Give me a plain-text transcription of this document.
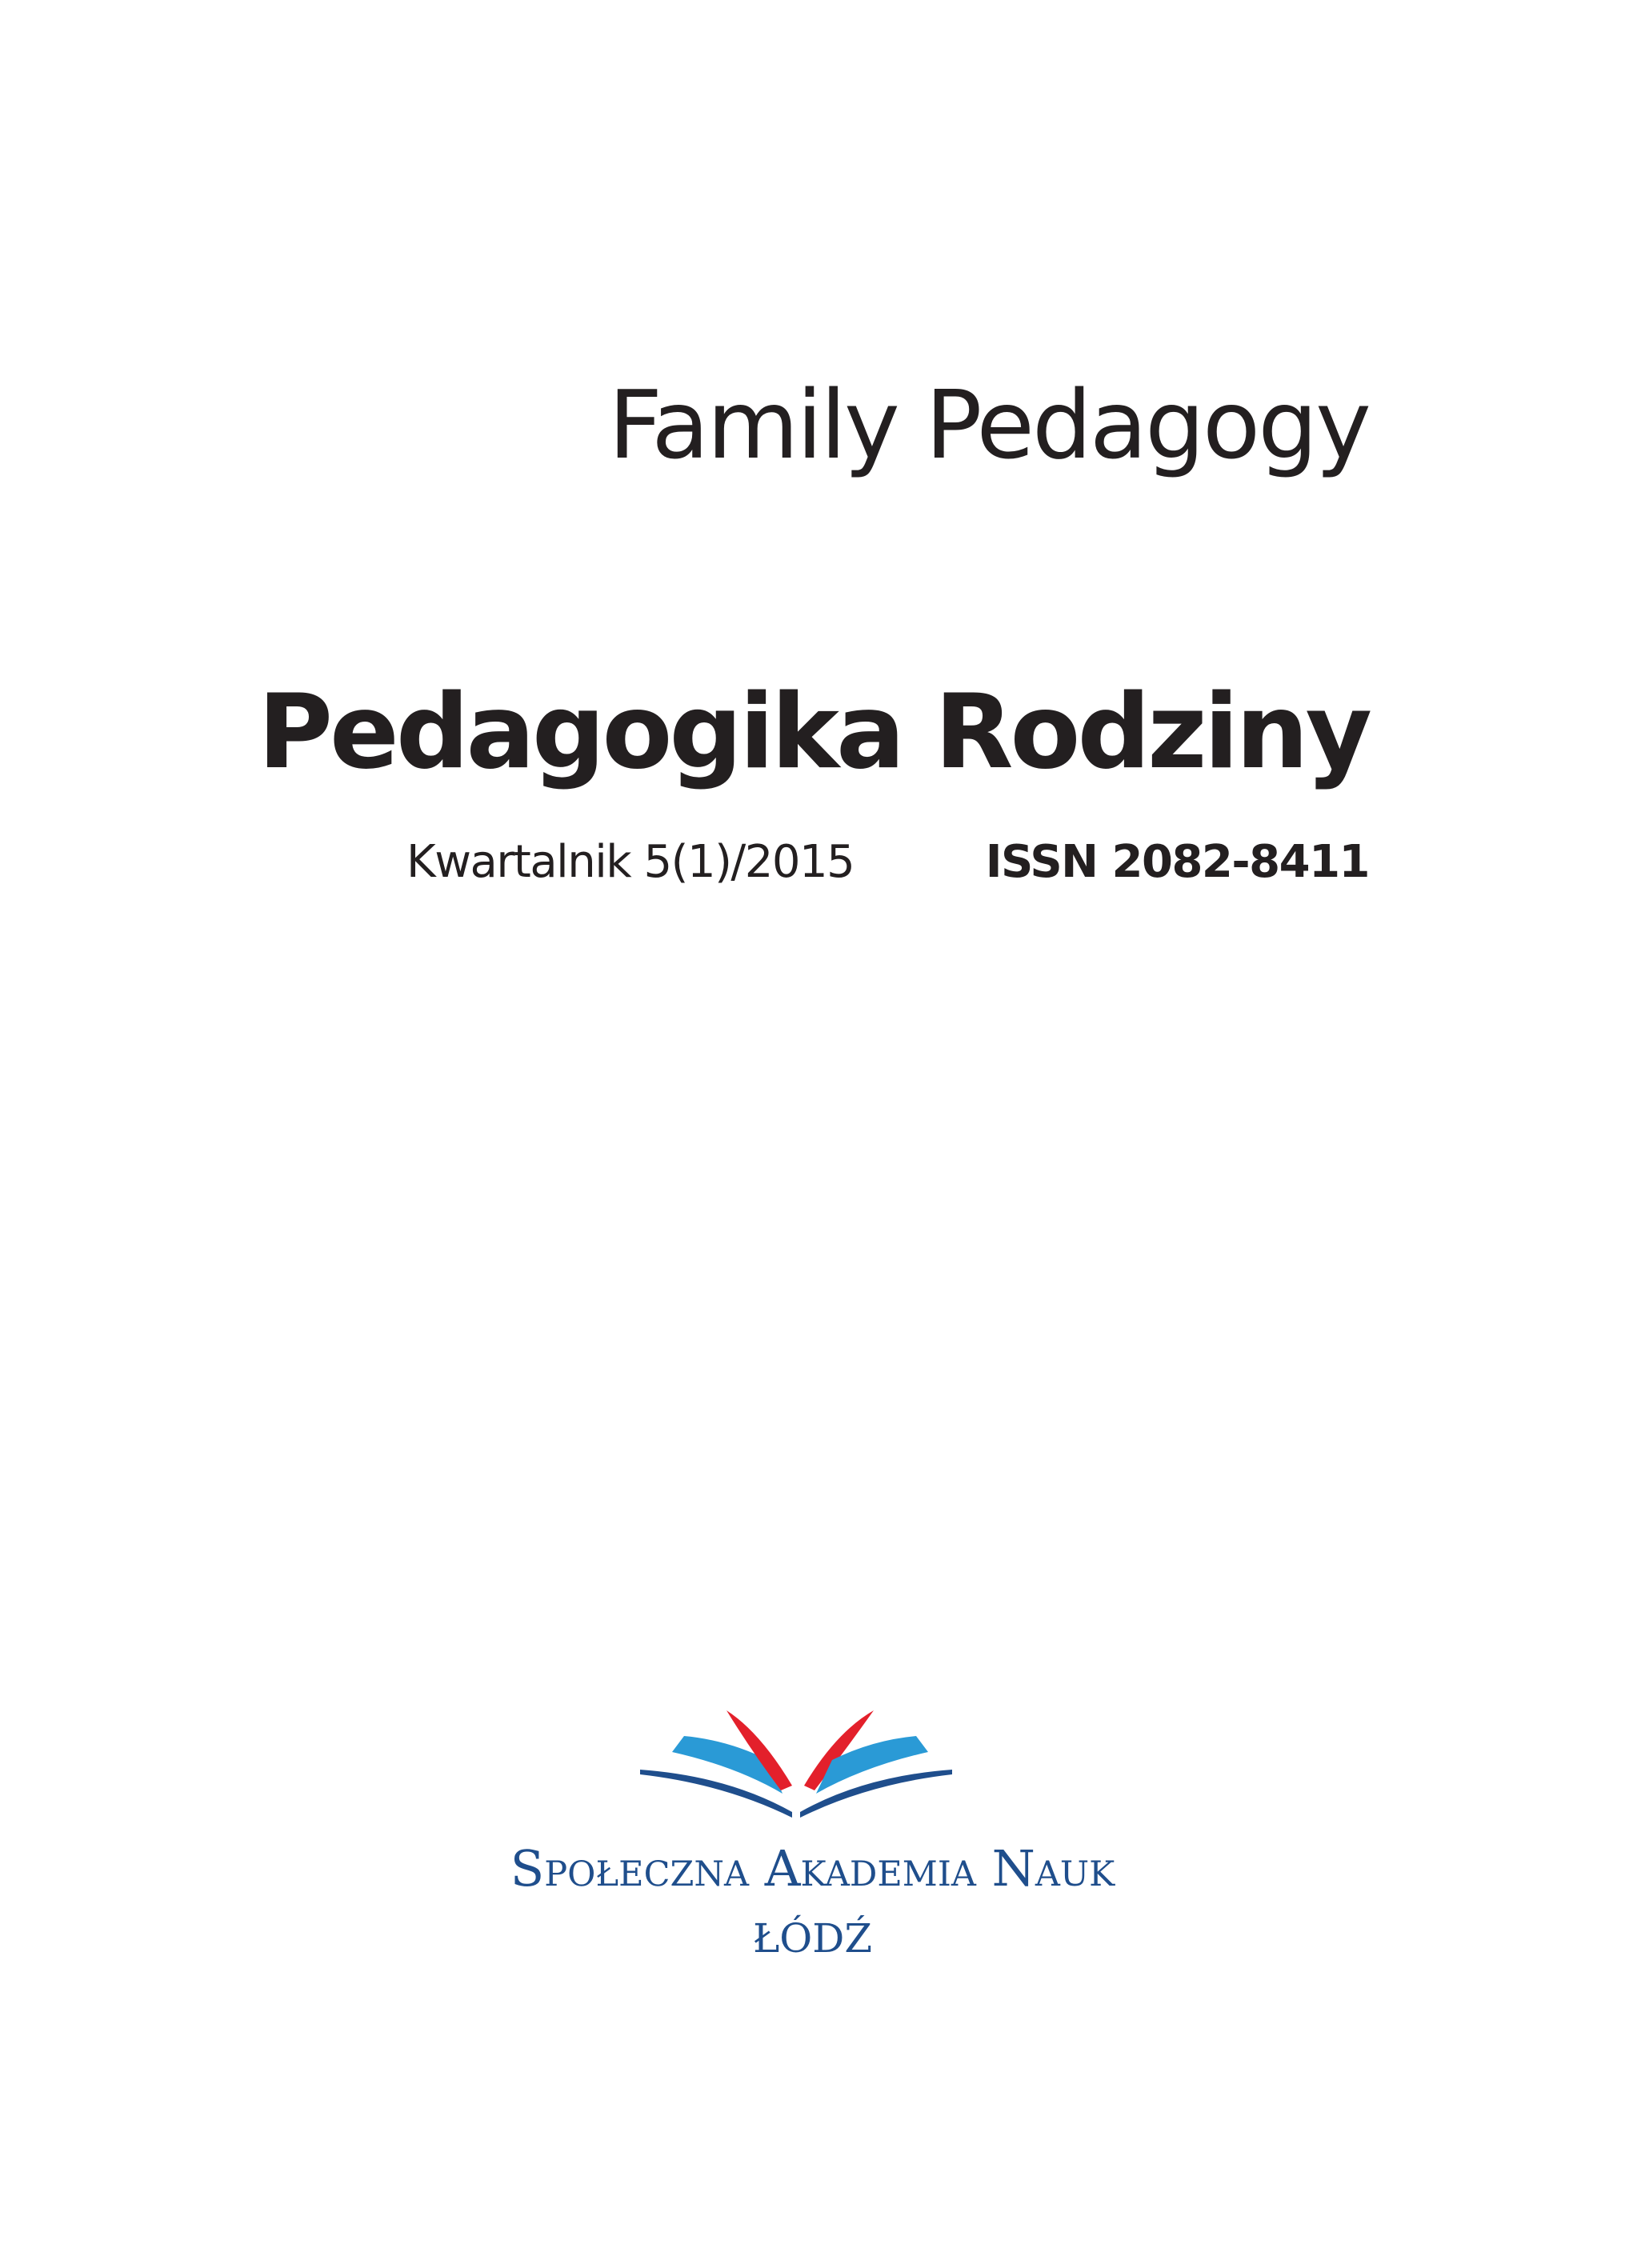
Family Pedagogy
Pedagogika Rodziny
Kwartalnik 5(1)/2015	ISSN 2082-8411
Społeczna Akademia Nauk
ŁÓDŹ
